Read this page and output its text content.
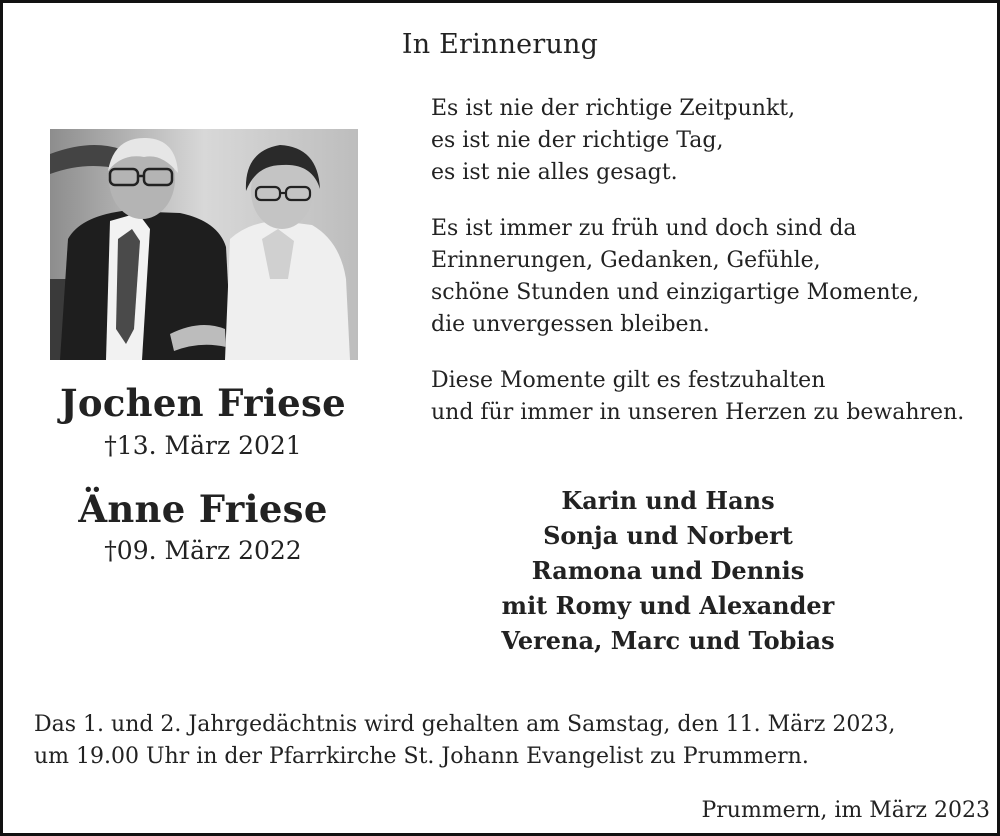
In Erinnerung
Jochen Friese
†13. März 2021
Änne Friese
†09. März 2022

Es ist nie der richtige Zeitpunkt,
es ist nie der richtige Tag,
es ist nie alles gesagt.

Es ist immer zu früh und doch sind da
Erinnerungen, Gedanken, Gefühle,
schöne Stunden und einzigartige Momente,
die unvergessen bleiben.

Diese Momente gilt es festzuhalten
und für immer in unseren Herzen zu bewahren.

Karin und Hans
Sonja und Norbert
Ramona und Dennis
mit Romy und Alexander
Verena, Marc und Tobias
Das 1. und 2. Jahrgedächtnis wird gehalten am Samstag, den 11. März 2023,
um 19.00 Uhr in der Pfarrkirche St. Johann Evangelist zu Prummern.
Prummern, im März 2023
